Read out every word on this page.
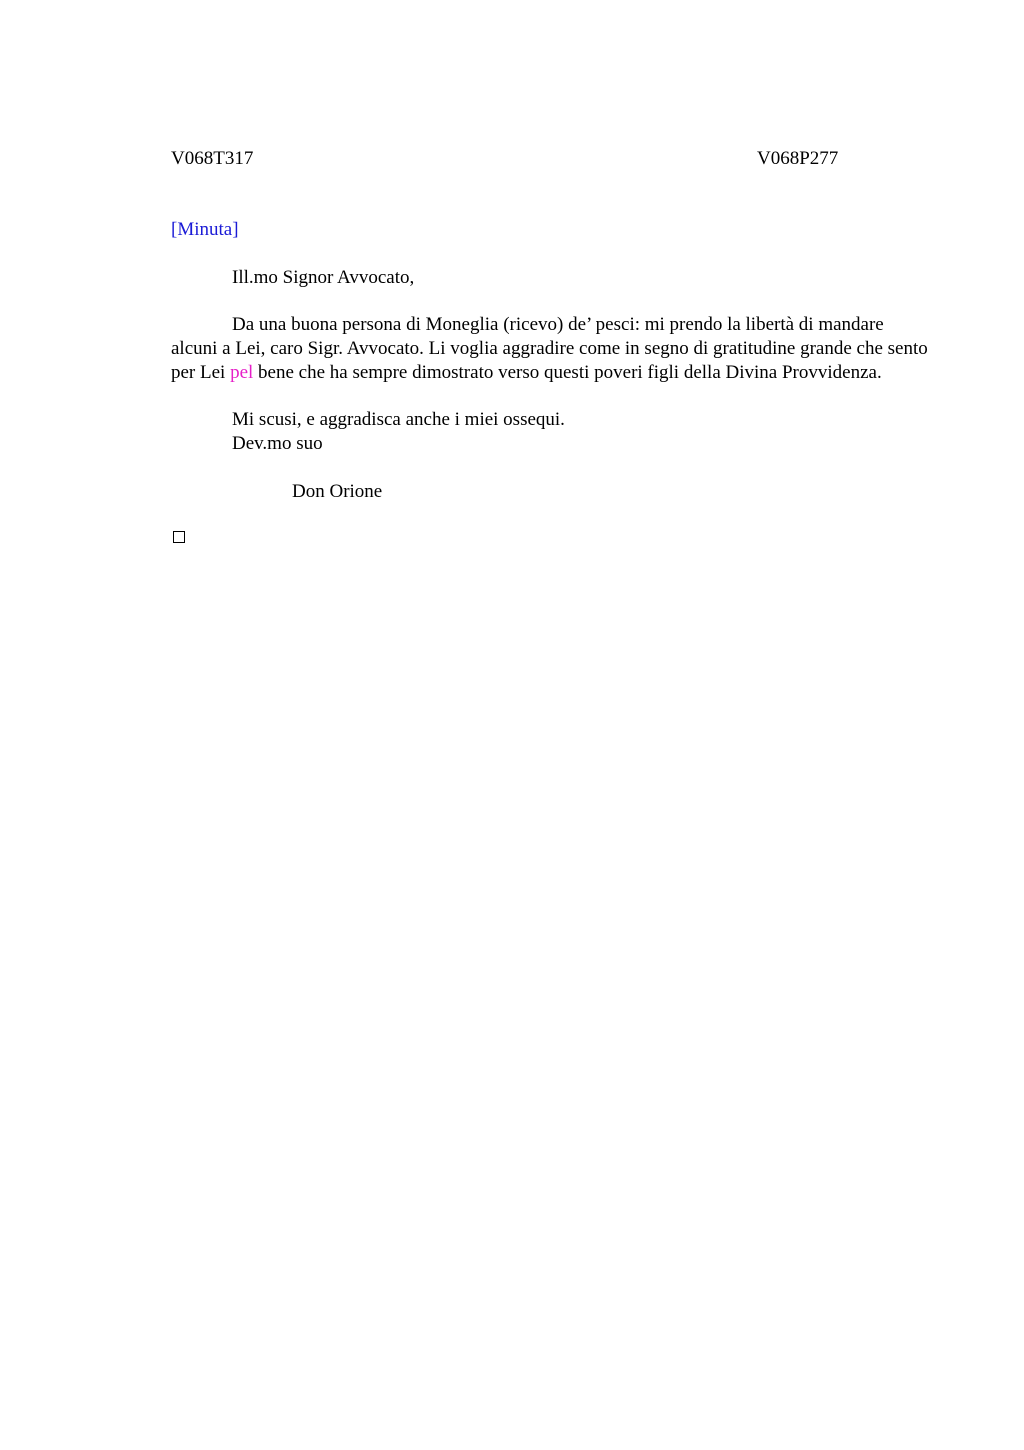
V068T317	V068P277
[Minuta]
Ill.mo Signor Avvocato,
Da una buona persona di Moneglia (ricevo) de’ pesci: mi prendo la libertà di mandare alcuni a Lei, caro Sigr. Avvocato. Li voglia aggradire come in segno di gratitudine grande che sento per Lei pel bene che ha sempre dimostrato verso questi poveri figli della Divina Provvidenza.
Mi scusi, e aggradisca anche i miei ossequi.
Dev.mo suo
Don Orione
